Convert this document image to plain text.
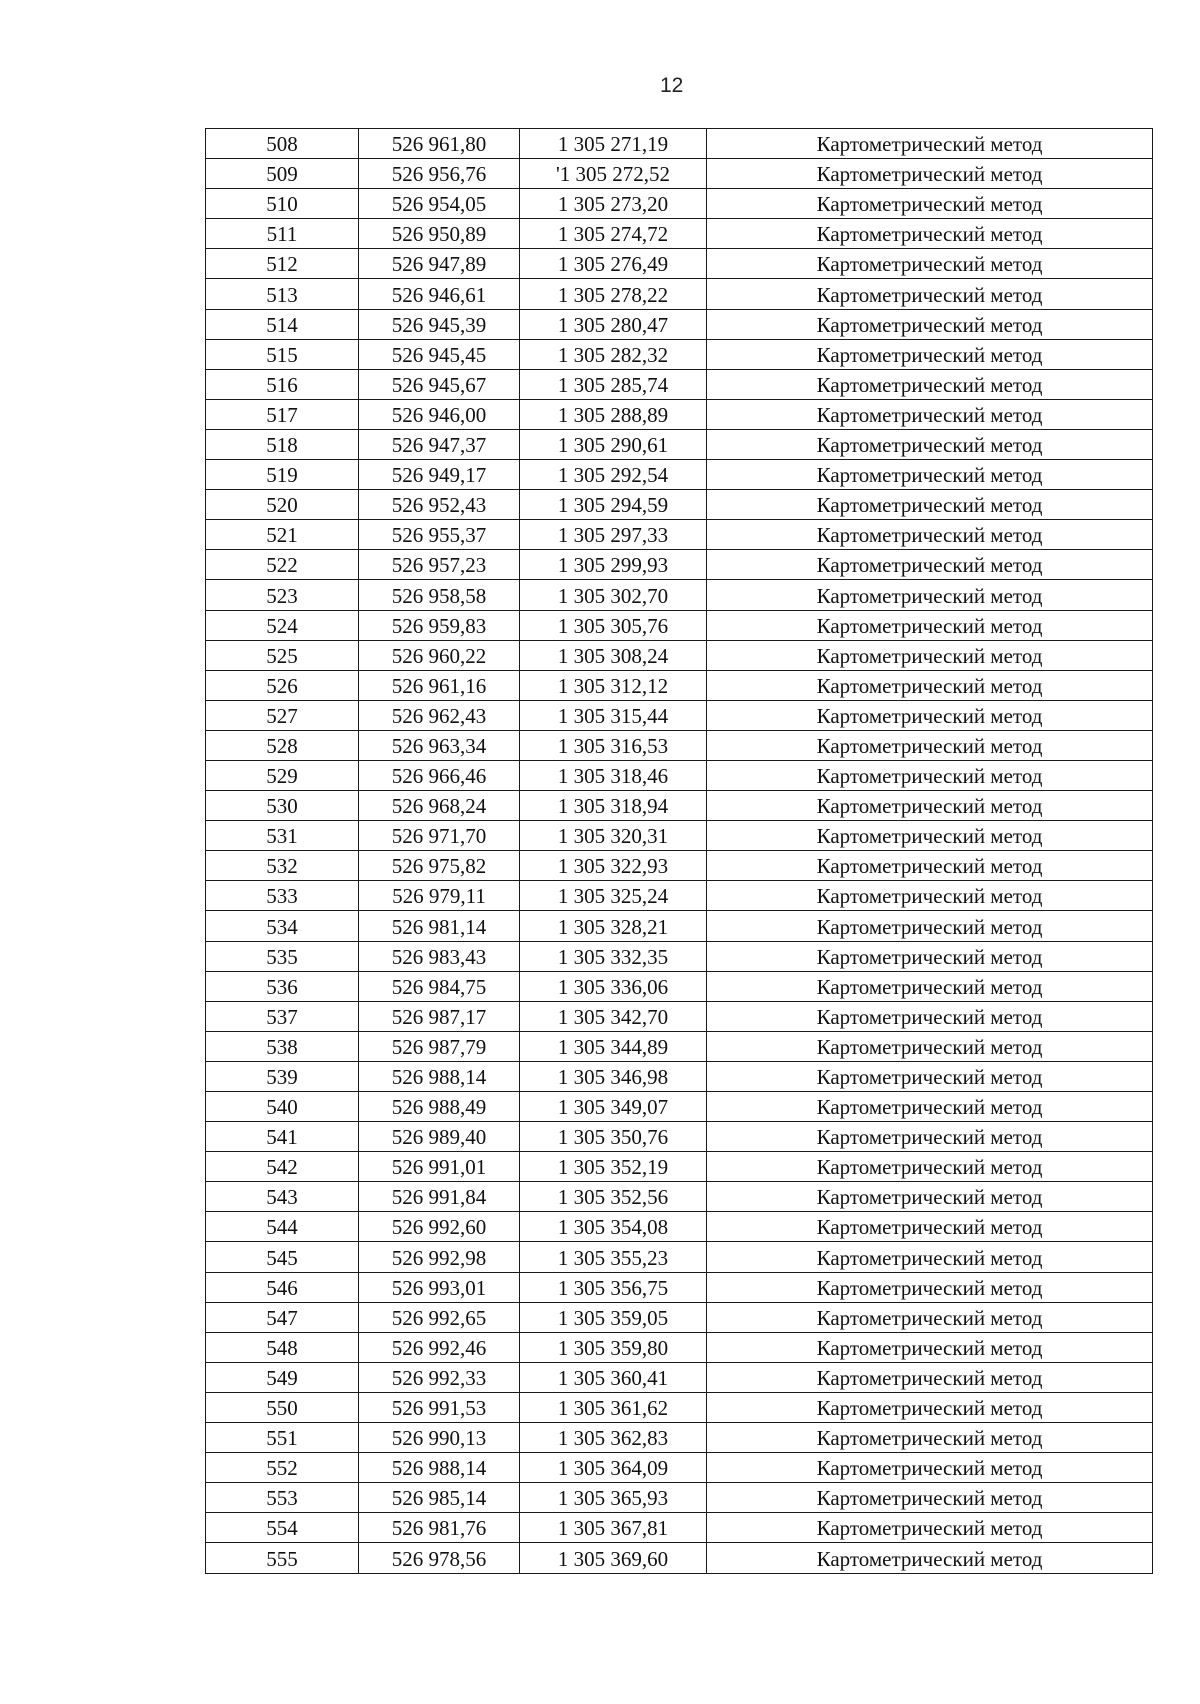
12
508	526 961,80	1 305 271,19	Картометрический метод
509	526 956,76	'1 305 272,52	Картометрический метод
510	526 954,05	1 305 273,20	Картометрический метод
511	526 950,89	1 305 274,72	Картометрический метод
512	526 947,89	1 305 276,49	Картометрический метод
513	526 946,61	1 305 278,22	Картометрический метод
514	526 945,39	1 305 280,47	Картометрический метод
515	526 945,45	1 305 282,32	Картометрический метод
516	526 945,67	1 305 285,74	Картометрический метод
517	526 946,00	1 305 288,89	Картометрический метод
518	526 947,37	1 305 290,61	Картометрический метод
519	526 949,17	1 305 292,54	Картометрический метод
520	526 952,43	1 305 294,59	Картометрический метод
521	526 955,37	1 305 297,33	Картометрический метод
522	526 957,23	1 305 299,93	Картометрический метод
523	526 958,58	1 305 302,70	Картометрический метод
524	526 959,83	1 305 305,76	Картометрический метод
525	526 960,22	1 305 308,24	Картометрический метод
526	526 961,16	1 305 312,12	Картометрический метод
527	526 962,43	1 305 315,44	Картометрический метод
528	526 963,34	1 305 316,53	Картометрический метод
529	526 966,46	1 305 318,46	Картометрический метод
530	526 968,24	1 305 318,94	Картометрический метод
531	526 971,70	1 305 320,31	Картометрический метод
532	526 975,82	1 305 322,93	Картометрический метод
533	526 979,11	1 305 325,24	Картометрический метод
534	526 981,14	1 305 328,21	Картометрический метод
535	526 983,43	1 305 332,35	Картометрический метод
536	526 984,75	1 305 336,06	Картометрический метод
537	526 987,17	1 305 342,70	Картометрический метод
538	526 987,79	1 305 344,89	Картометрический метод
539	526 988,14	1 305 346,98	Картометрический метод
540	526 988,49	1 305 349,07	Картометрический метод
541	526 989,40	1 305 350,76	Картометрический метод
542	526 991,01	1 305 352,19	Картометрический метод
543	526 991,84	1 305 352,56	Картометрический метод
544	526 992,60	1 305 354,08	Картометрический метод
545	526 992,98	1 305 355,23	Картометрический метод
546	526 993,01	1 305 356,75	Картометрический метод
547	526 992,65	1 305 359,05	Картометрический метод
548	526 992,46	1 305 359,80	Картометрический метод
549	526 992,33	1 305 360,41	Картометрический метод
550	526 991,53	1 305 361,62	Картометрический метод
551	526 990,13	1 305 362,83	Картометрический метод
552	526 988,14	1 305 364,09	Картометрический метод
553	526 985,14	1 305 365,93	Картометрический метод
554	526 981,76	1 305 367,81	Картометрический метод
555	526 978,56	1 305 369,60	Картометрический метод
